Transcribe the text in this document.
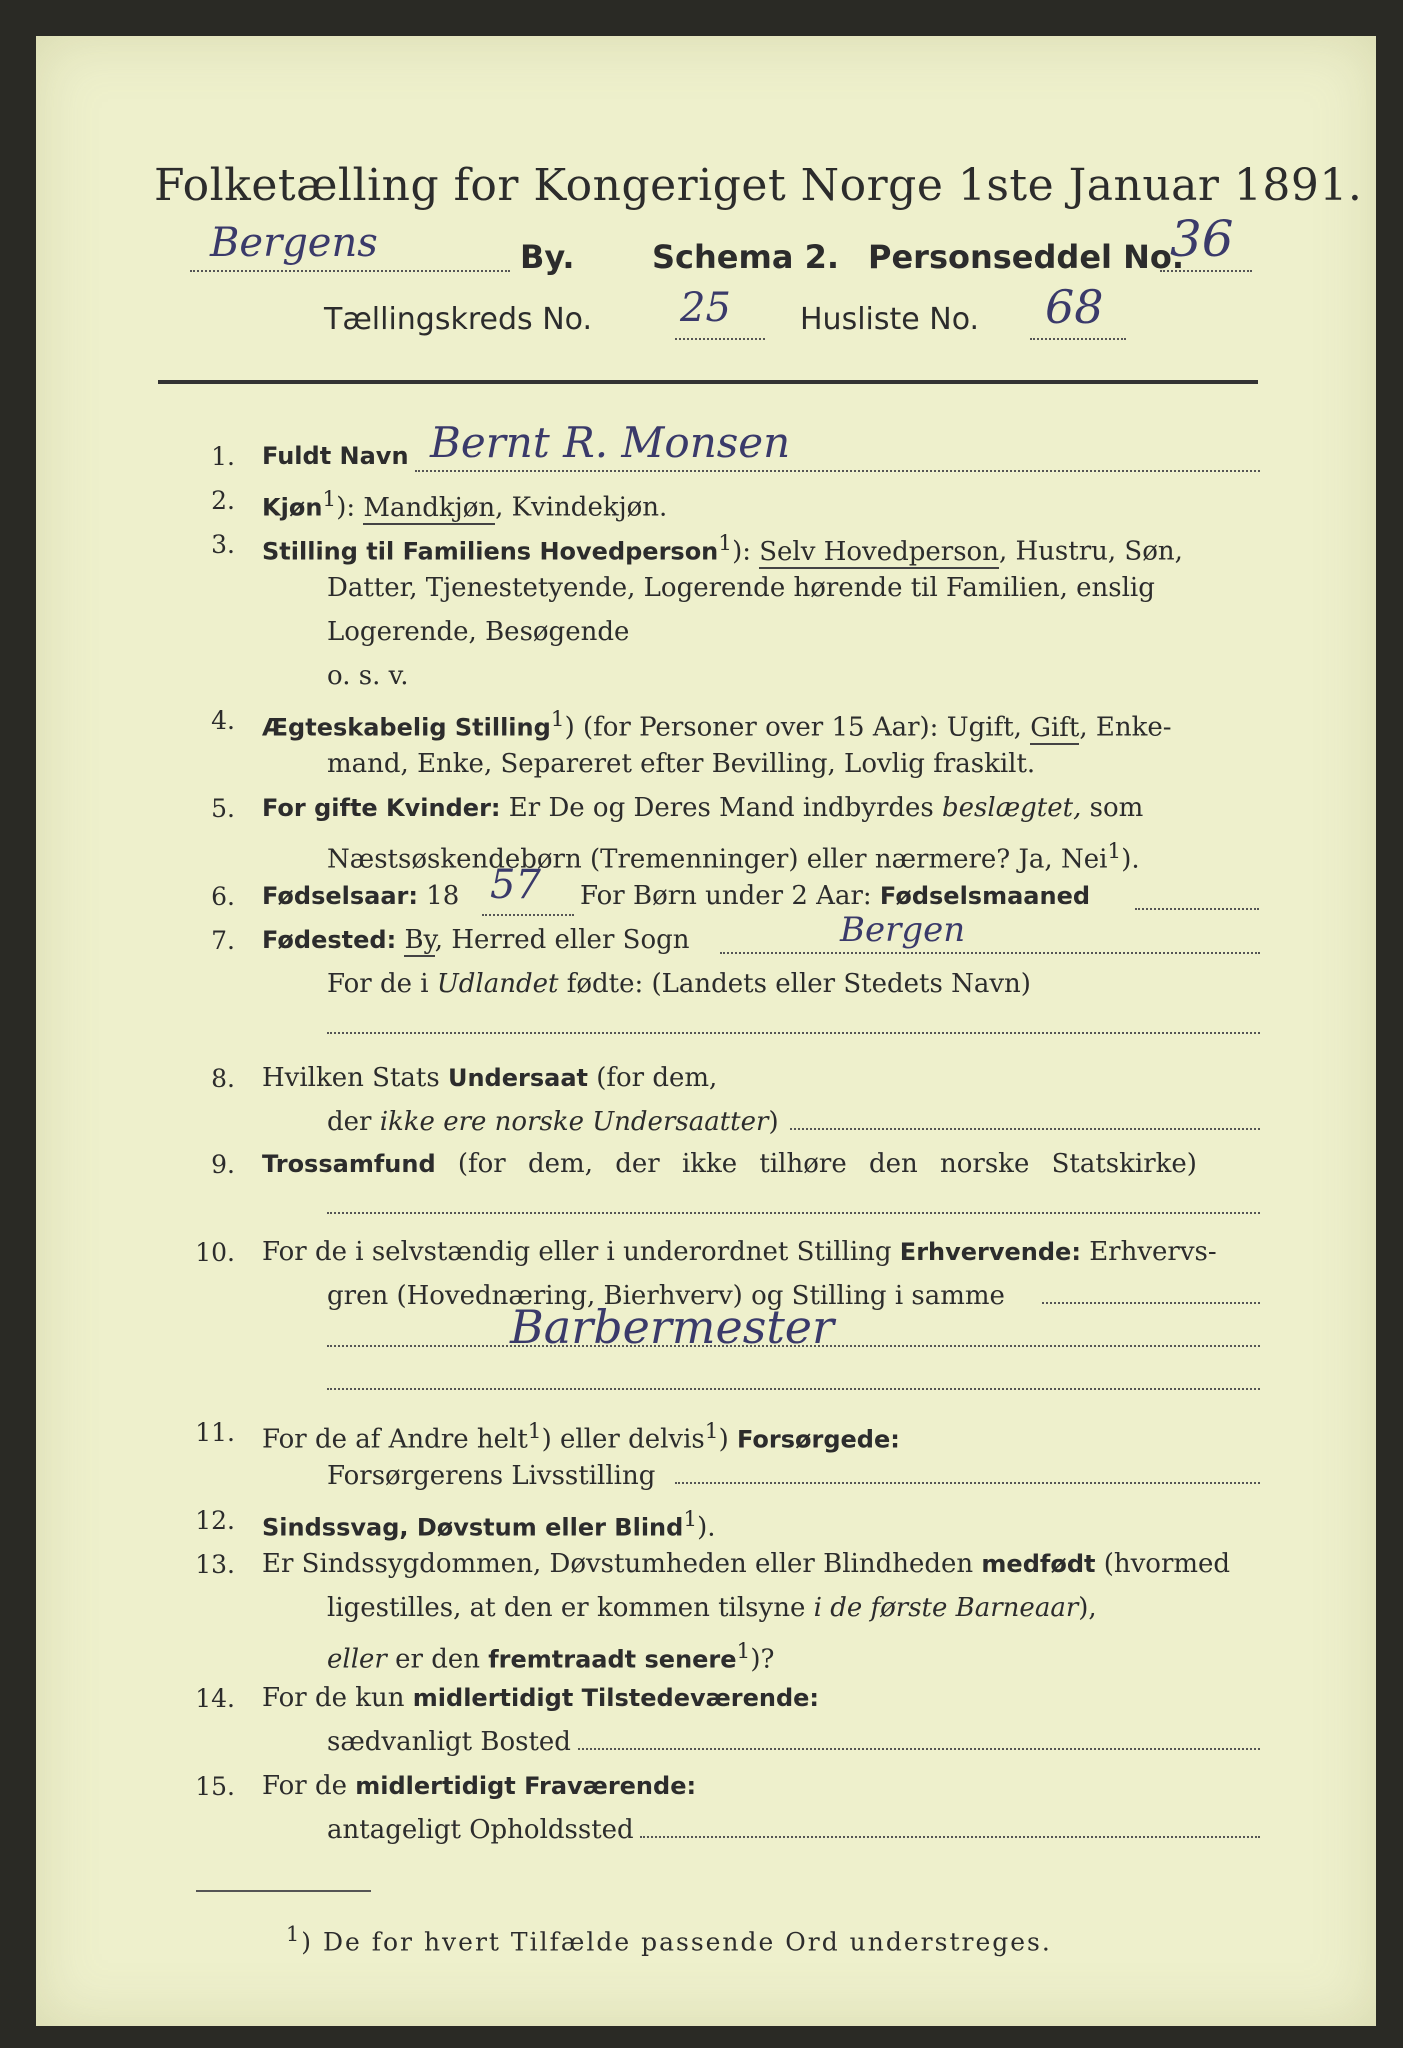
Folketælling for Kongeriget Norge 1ste Januar 1891.
Bergens	By. Schema 2. Personseddel No.
36
Tællingskreds No. 25 Husliste No. 68
1. Fuldt Navn Bernt R. Monsen
2. Kjøn$^1$): Mandkjøn, Kvindekjøn.
3. Stilling til Familiens Hovedperson$^1$): Selv Hovedperson, Hustru, Søn,
Datter, Tjenestetyende, Logerende hørende til Familien, enslig
Logerende, Besøgende
o. s. v.
4. Ægteskabelig Stilling$^1$) (for Personer over 15 Aar): Ugift, Gift, Enke-
mand, Enke, Separeret efter Bevilling, Lovlig fraskilt.
5. For gifte Kvinder: Er De og Deres Mand indbyrdes beslægtet, som
Næstsøskendebørn (Tremenninger) eller nærmere? Ja, Nei$^1$).
6. Fødselsaar: 18 57 For Børn under 2 Aar: Fødselsmaaned
7. Fødested: By, Herred eller Sogn	Bergen
For de i Udlandet fødte: (Landets eller Stedets Navn)
8. Hvilken Stats Undersaat (for dem,
der ikke ere norske Undersaatter)
9. Trossamfund (for dem, der ikke tilhøre den norske Statskirke)
10. For de i selvstændig eller i underordnet Stilling Erhvervende: Erhvervs-
gren (Hovednæring, Bierhverv) og Stilling i samme
Barbermester
11. For de af Andre helt$^1$) eller delvis$^1$) Forsørgede:
Forsørgerens Livsstilling
12. Sindssvag, Døvstum eller Blind$^1$).
13. Er Sindssygdommen, Døvstumheden eller Blindheden medfødt (hvormed
ligestilles, at den er kommen tilsyne i de første Barneaar),
eller er den fremtraadt senere$^1$)?
14. For de kun midlertidigt Tilstedeværende:
sædvanligt Bosted
15. For de midlertidigt Fraværende:
antageligt Opholdssted
$^1$) De for hvert Tilfælde passende Ord understreges.
